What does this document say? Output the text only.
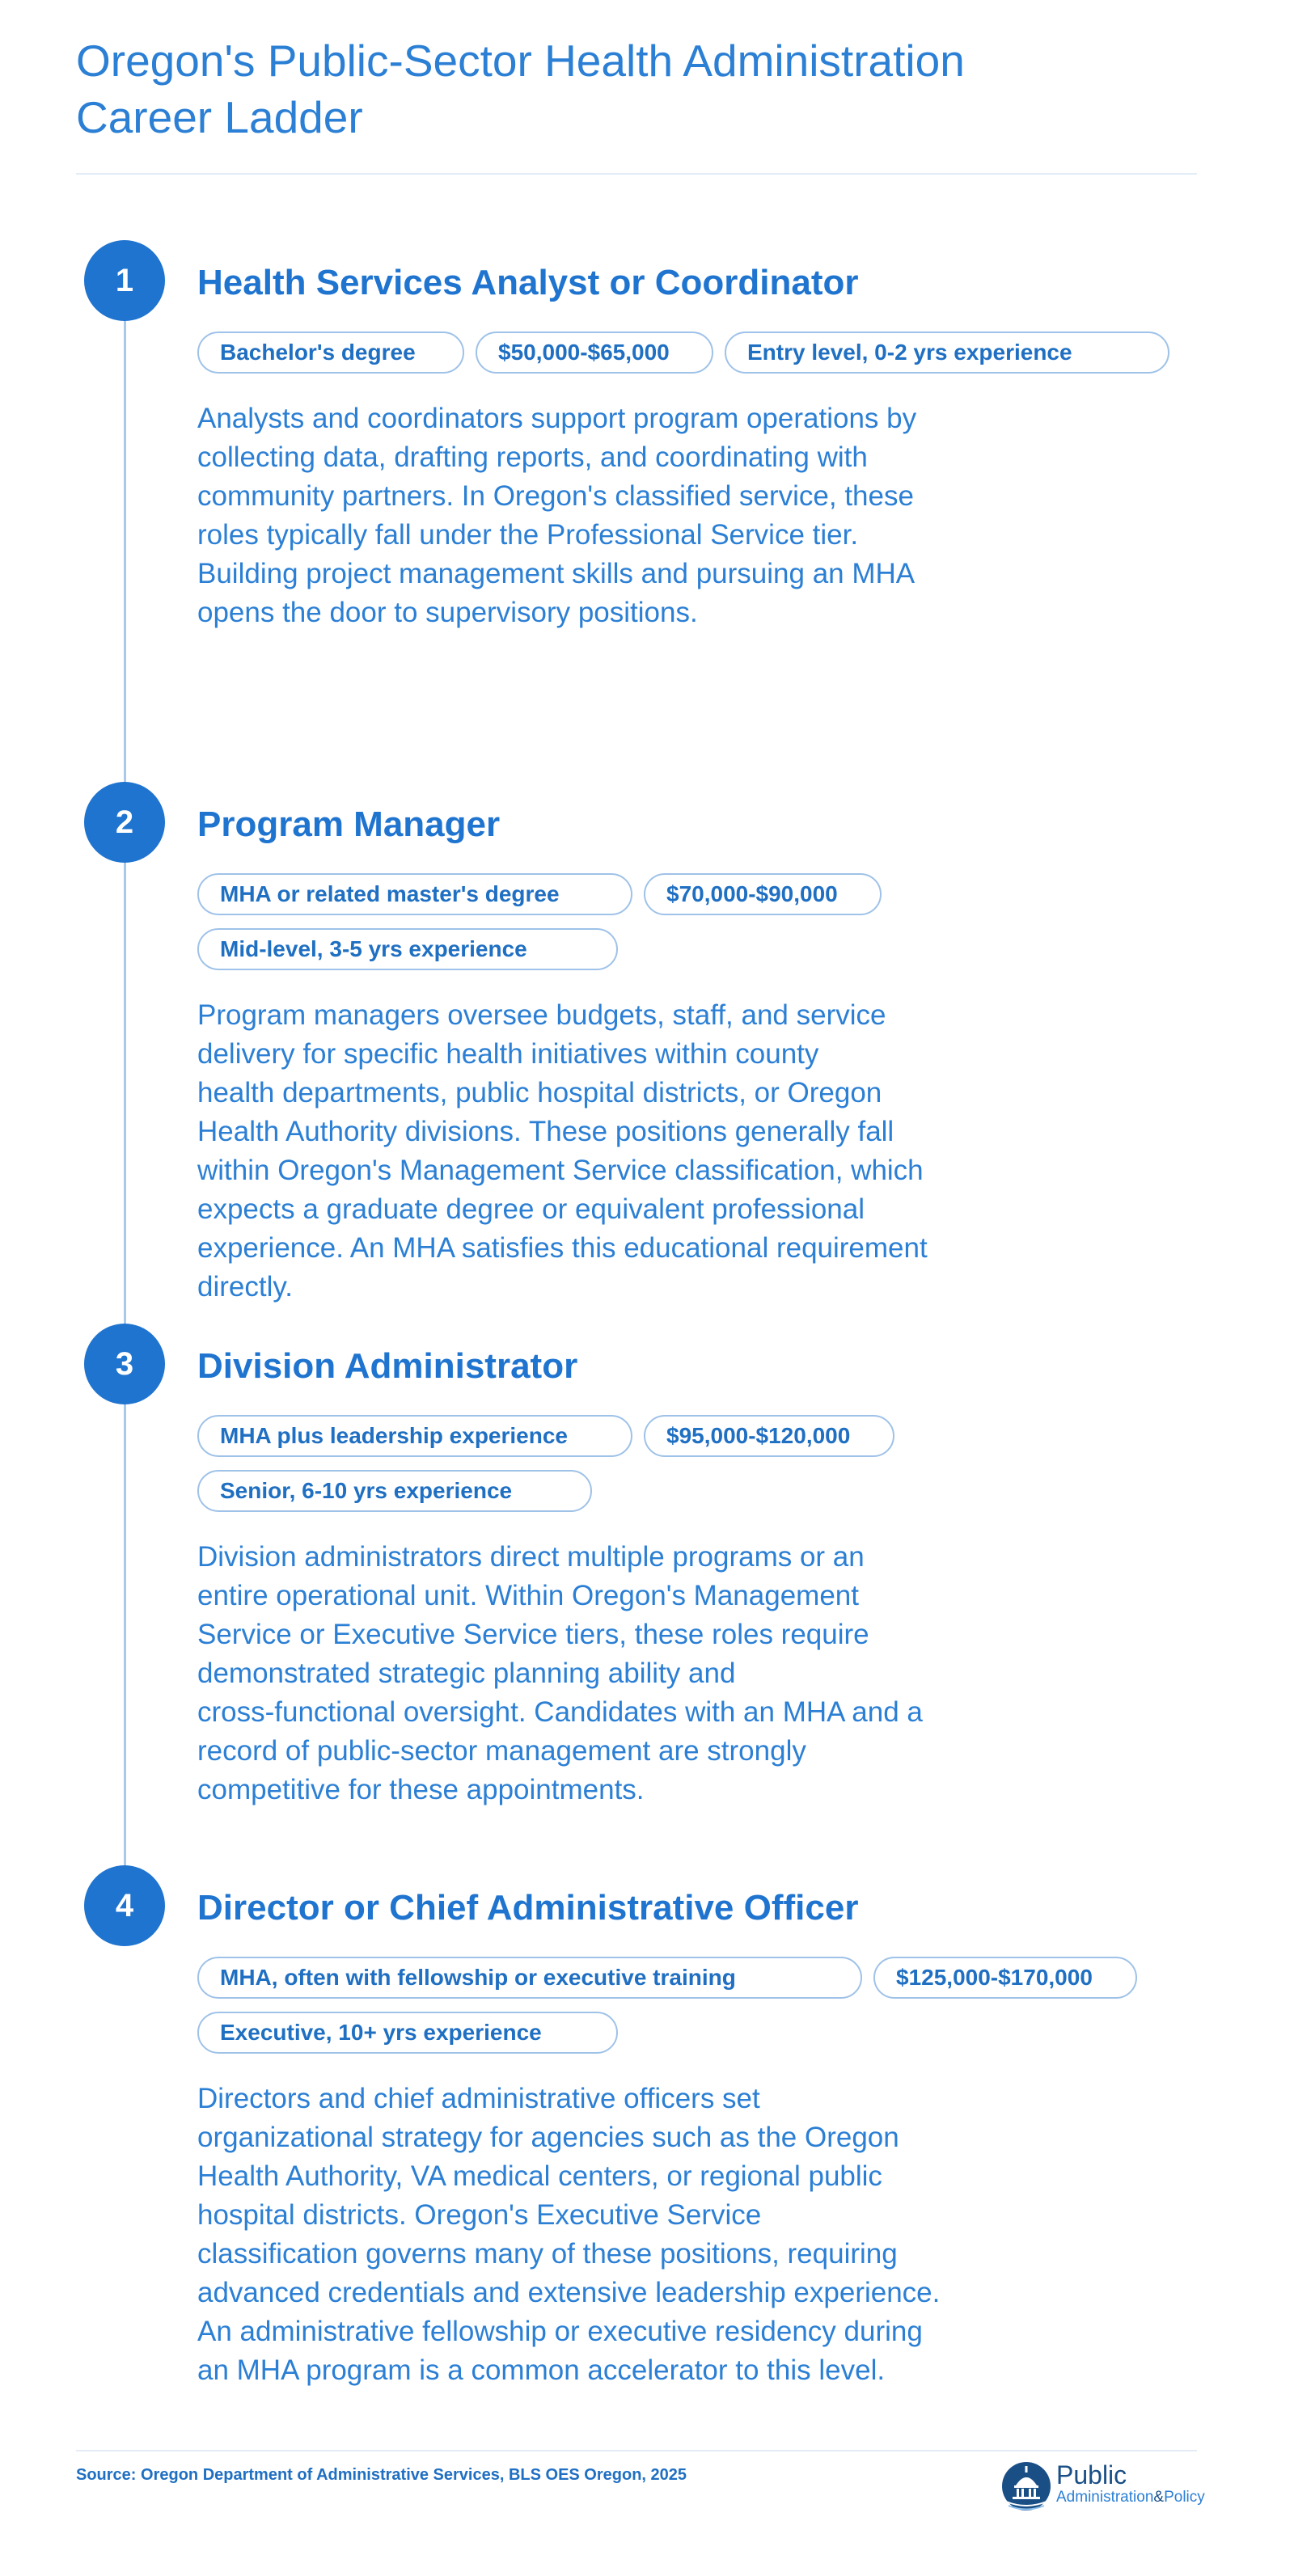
Oregon's Public-Sector Health Administration
Career Ladder
1	Health Services Analyst or Coordinator
Bachelor's degree	$50,000-$65,000	Entry level, 0-2 yrs experience

Analysts and coordinators support program operations by
collecting data, drafting reports, and coordinating with
community partners. In Oregon's classified service, these
roles typically fall under the Professional Service tier.
Building project management skills and pursuing an MHA
opens the door to supervisory positions.

2	Program Manager
MHA or related master's degree	$70,000-$90,000
Mid-level, 3-5 yrs experience

Program managers oversee budgets, staff, and service
delivery for specific health initiatives within county
health departments, public hospital districts, or Oregon
Health Authority divisions. These positions generally fall
within Oregon's Management Service classification, which
expects a graduate degree or equivalent professional
experience. An MHA satisfies this educational requirement
directly.

3	Division Administrator
MHA plus leadership experience	$95,000-$120,000
Senior, 6-10 yrs experience

Division administrators direct multiple programs or an
entire operational unit. Within Oregon's Management
Service or Executive Service tiers, these roles require
demonstrated strategic planning ability and
cross-functional oversight. Candidates with an MHA and a
record of public-sector management are strongly
competitive for these appointments.

4	Director or Chief Administrative Officer
MHA, often with fellowship or executive training	$125,000-$170,000
Executive, 10+ yrs experience

Directors and chief administrative officers set
organizational strategy for agencies such as the Oregon
Health Authority, VA medical centers, or regional public
hospital districts. Oregon's Executive Service
classification governs many of these positions, requiring
advanced credentials and extensive leadership experience.
An administrative fellowship or executive residency during
an MHA program is a common accelerator to this level.

Source: Oregon Department of Administrative Services, BLS OES Oregon, 2025	Public
Administration&Policy
